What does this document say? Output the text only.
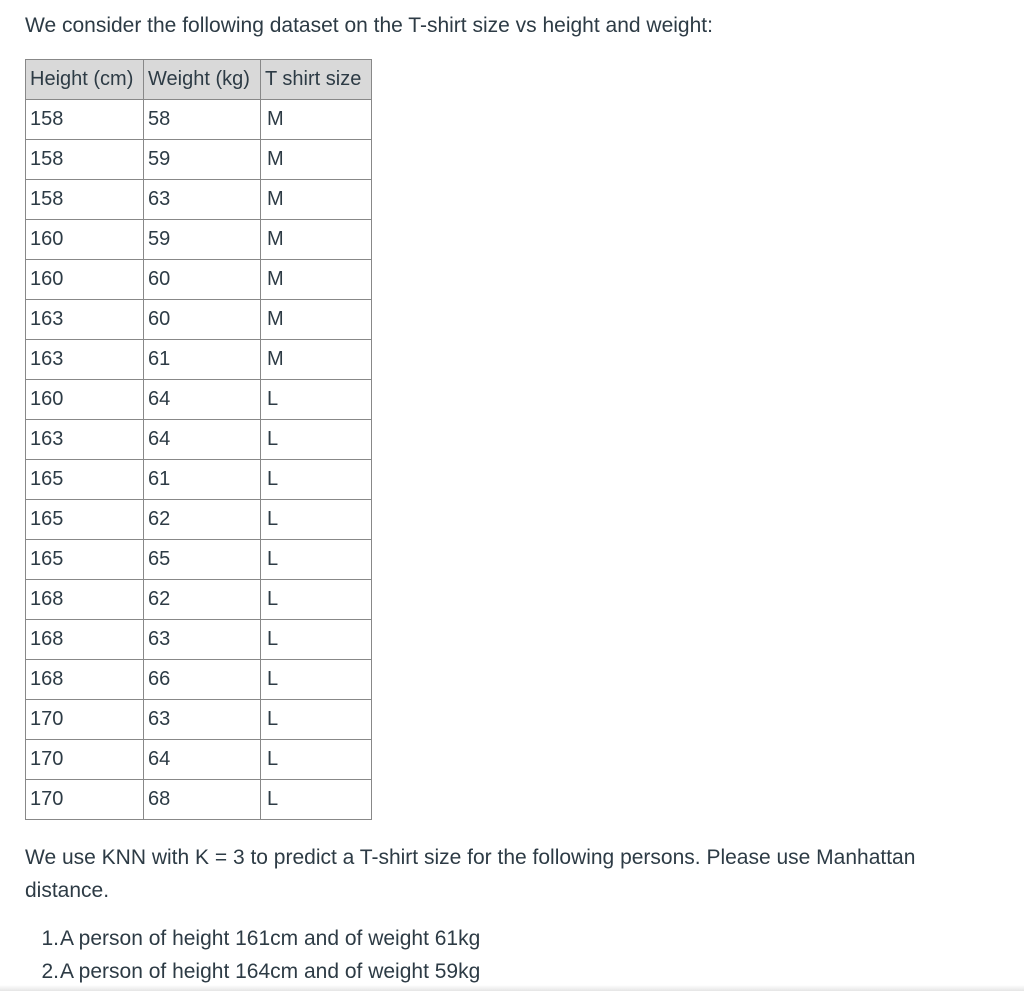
We consider the following dataset on the T-shirt size vs height and weight:

Height (cm)	Weight (kg)	T shirt size
158	58	M
158	59	M
158	63	M
160	59	M
160	60	M
163	60	M
163	61	M
160	64	L
163	64	L
165	61	L
165	62	L
165	65	L
168	62	L
168	63	L
168	66	L
170	63	L
170	64	L
170	68	L

We use KNN with K = 3 to predict a T-shirt size for the following persons. Please use Manhattan distance.

1. A person of height 161cm and of weight 61kg
2. A person of height 164cm and of weight 59kg
